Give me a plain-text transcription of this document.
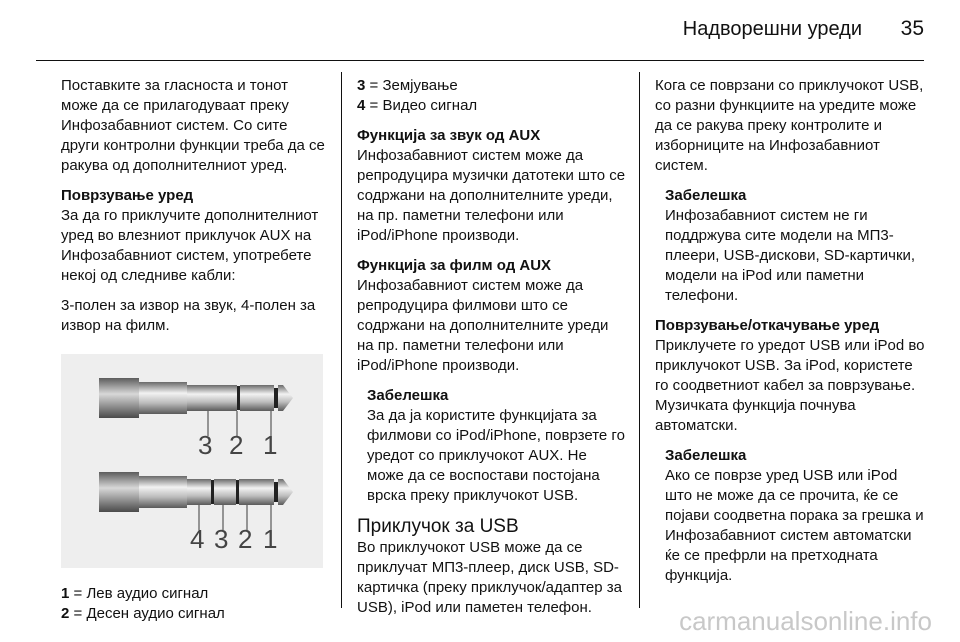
Надворешни уреди 35

Поставките за гласноста и тонот може да се прилагодуваат преку Инфозабавниот систем. Со сите други контролни функции треба да се ракува од дополнителниот уред.

Поврзување уред

За да го приклучите дополнителниот уред во влезниот приклучок AUX на Инфозабавниот систем, употребете некој од следниве кабли:

3-полен за извор на звук, 4-полен за извор на филм.

3 2 1
4 3 2 1
1 = Лев аудио сигнал
2 = Десен аудио сигнал

3 = Земјување
4 = Видео сигнал

Функција за звук од AUX

Инфозабавниот систем може да репродуцира музички датотеки што се содржани на дополнителните уреди, на пр. паметни телефони или iPod/iPhone производи.

Функција за филм од AUX

Инфозабавниот систем може да репродуцира филмови што се содржани на дополнителните уреди на пр. паметни телефони или iPod/iPhone производи.

Забелешка
За да ја користите функцијата за филмови со iPod/iPhone, поврзете го уредот со приклучокот AUX. Не може да се воспостави постојана врска преку приклучокот USB.
Приклучок за USB

Во приклучокот USB може да се приклучат МП3-плеер, диск USB, SD-картичка (преку приклучок/адаптер за USB), iPod или паметен телефон.

Кога се поврзани со приклучокот USB, со разни функциите на уредите може да се ракува преку контролите и изборниците на Инфозабавниот систем.

Забелешка
Инфозабавниот систем не ги поддржува сите модели на МП3-плеери, USB-дискови, SD-картички, модели на iPod или паметни телефони.
Поврзување/откачување уред

Приклучете го уредот USB или iPod во приклучокот USB. За iPod, користете го соодветниот кабел за поврзување. Музичката функција почнува автоматски.

Забелешка
Ако се поврзе уред USB или iPod што не може да се прочита, ќе се појави соодветна порака за грешка и Инфозабавниот систем автоматски ќе се префрли на претходната функција.
carmanualsonline.info
